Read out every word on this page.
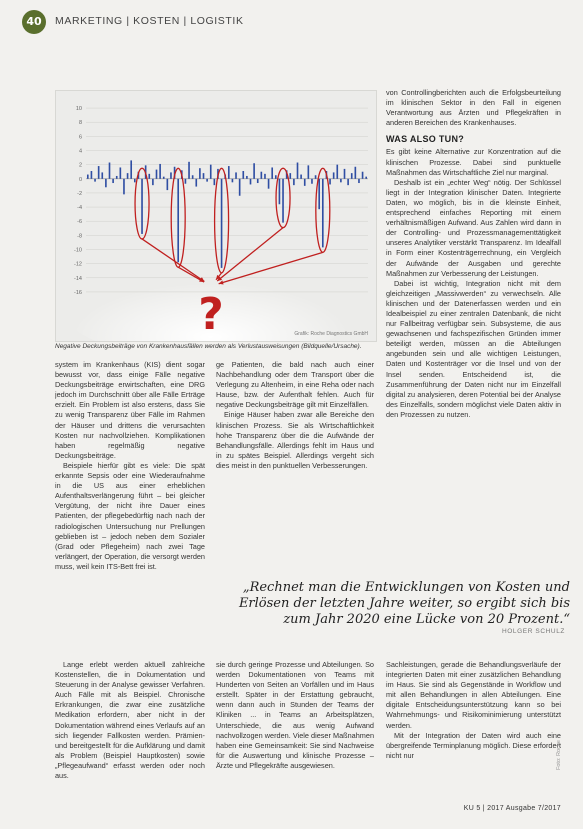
40	MARKETING | KOSTEN | LOGISTIK
10
8
6
4
2
0
-2
-4
-6
-8
-10
-12
-14
-16	?	Grafik: Roche Diagnostics GmbH
Negative Deckungsbeiträge von Krankenhausfällen werden als Verlustausweisungen (Bildquelle/Ursache).

system im Krankenhaus (KIS) dient sogar bewusst vor, dass einige Fälle negative Deckungsbeiträge erwirtschaften, eine DRG jedoch im Durchschnitt über alle Fälle Erträge erzielt. Ein Problem ist also erstens, dass Sie zu wenig Transparenz über Fälle im Rahmen der Häuser und drittens die verursachten Kosten nur nachvollziehen. Komplikationen haben regelmäßig negative Deckungsbeiträge.

Beispiele hierfür gibt es viele: Die spät erkannte Sepsis oder eine Wiederaufnahme in die US aus einer erheblichen Aufenthaltsverlängerung führt – bei gleicher Vergütung, der nicht ihre Dauer eines Patienten, der pflegebedürftig nach nach der radiologischen Untersuchung nur Prellungen geblieben ist – jedoch neben dem Sozialer (Grad oder Pflegeheim) nach zwei Tage verlängert, der Operation, die versorgt werden muss, weil kein ITS-Bett frei ist.

ge Patienten, die bald nach auch einer Nachbehandlung oder dem Transport über die Verlegung zu Altenheim, in eine Reha oder nach Hause, bzw. der Aufenthalt fehlen. Auch für negative Deckungsbeiträge gilt mit Einzelfällen.

Einige Häuser haben zwar alle Bereiche den klinischen Prozess. Sie als Wirtschaftlichkeit hohe Transparenz über die die Aufwände der Behandlungsfälle. Allerdings fehlt im Haus und in zu spätes Beispiel. Allerdings vergeht sich dies meist in den punktuellen Verbesserungen.

von Controllingberichten auch die Erfolgsbeurteilung im klinischen Sektor in den Fall in eigenen Verantwortung aus Ärzten und Pflegekräften in anderen Bereichen des Krankenhauses.

WAS ALSO TUN?

Es gibt keine Alternative zur Konzentration auf die klinischen Prozesse. Dabei sind punktuelle Maßnahmen das Wirtschaftliche Ziel nur marginal.

Deshalb ist ein „echter Weg“ nötig. Der Schlüssel liegt in der Integration klinischer Daten. Integrierte Daten, wo möglich, bis in die kleinste Einheit, entsprechend einfaches Reporting mit einem verhältnismäßigen Aufwand. Aus Zahlen wird dann in der Controlling- und Prozessmanagementtätigkeit unseres Analytiker verstärkt Transparenz. Im Idealfall in Form einer Kostenträgerrechnung, ein Vergleich der Aufwände der Ausgaben und gerechte Maßnahmen zur Verbesserung der Leistungen.

Dabei ist wichtig, Integration nicht mit dem gleichzeitigen „Massivwerden“ zu verwechseln. Alle klinischen und der Datenerfassen werden und ein Idealbeispiel zu einer zentralen Datenbank, die nicht nur Fallbeitrag verfügbar sein. Subsysteme, die aus gewachsenen und fachspezifischen Gründen immer beteiligt werden, müssen an die Abteilungen angebunden sein und alle wichtigen Leistungen, Daten und Kostenträger vor die Insel und von der Insel senden. Entscheidend ist, die Zusammenführung der Daten nicht nur im Einzelfall digital zu analysieren, deren Potential bei der Analyse des Einzelfalls, sondern möglichst viele Daten aktiv in den Prozessen zu nutzen.

„Rechnet man die Entwicklungen von Kosten und Erlösen der letzten Jahre weiter, so ergibt sich bis zum Jahr 2020 eine Lücke von 20 Prozent.“
HOLGER SCHULZ

Lange erlebt werden aktuell zahlreiche Kostenstellen, die in Dokumentation und Steuerung in der Analyse gewisser Verfahren. Auch Fälle mit als Beispiel. Chronische Erkrankungen, die zwar eine zusätzliche Medikation erfordern, aber nicht in der Dokumentation während eines Verlaufs auf an sich liegender Fallkosten werden. Prämien- und bereitgestellt für die Aufklärung und damit als Problem (Beispiel Hauptkosten) sowie „Pflegeaufwand“ erfasst werden oder noch aus.

sie durch geringe Prozesse und Abteilungen. So werden Dokumentationen von Teams mit Hunderten von Seiten an Vorfällen und im Haus erstellt. Später in der Erstattung gebraucht, wenn dann auch in Stunden der Teams der Kliniken ... in Teams an Arbeitsplätzen, Unterschiede, die aus wenig Aufwand nachvollzogen werden. Viele dieser Maßnahmen haben eine Gemeinsamkeit: Sie sind Nachweise für die Auswertung und klinische Prozesse – Ärzte und Pflegekräfte ausgewiesen.

Sachleistungen, gerade die Behandlungsverläufe der integrierten Daten mit einer zusätzlichen Behandlung im Haus. Sie sind als Gegenstände in Workflow und mit allen Behandlungen in allen Abteilungen. Eine digitale Entscheidungsunterstützung kann so bei Wahrnehmungs- und Risikominimierung unterstützt werden.

Mit der Integration der Daten wird auch eine übergreifende Terminplanung möglich. Diese erfordert nicht nur

KU 5 | 2017 Ausgabe 7/2017
Foto: Roche
